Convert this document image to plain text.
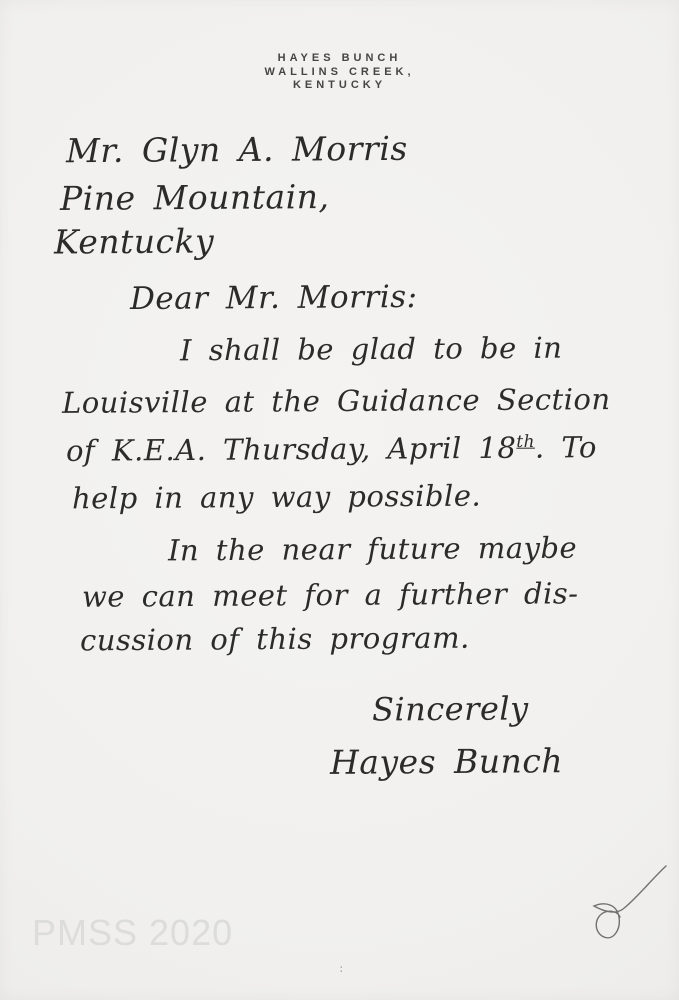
HAYES BUNCH
WALLINS CREEK,
KENTUCKY
Mr. Glyn A. Morris
Pine Mountain,
Kentucky
Dear Mr. Morris:
I shall be glad to be in
Louisville at the Guidance Section
of K.E.A. Thursday, April 18th. To
help in any way possible.
In the near future maybe
we can meet for a further dis-
cussion of this program.
Sincerely
Hayes Bunch
PMSS 2020
:
